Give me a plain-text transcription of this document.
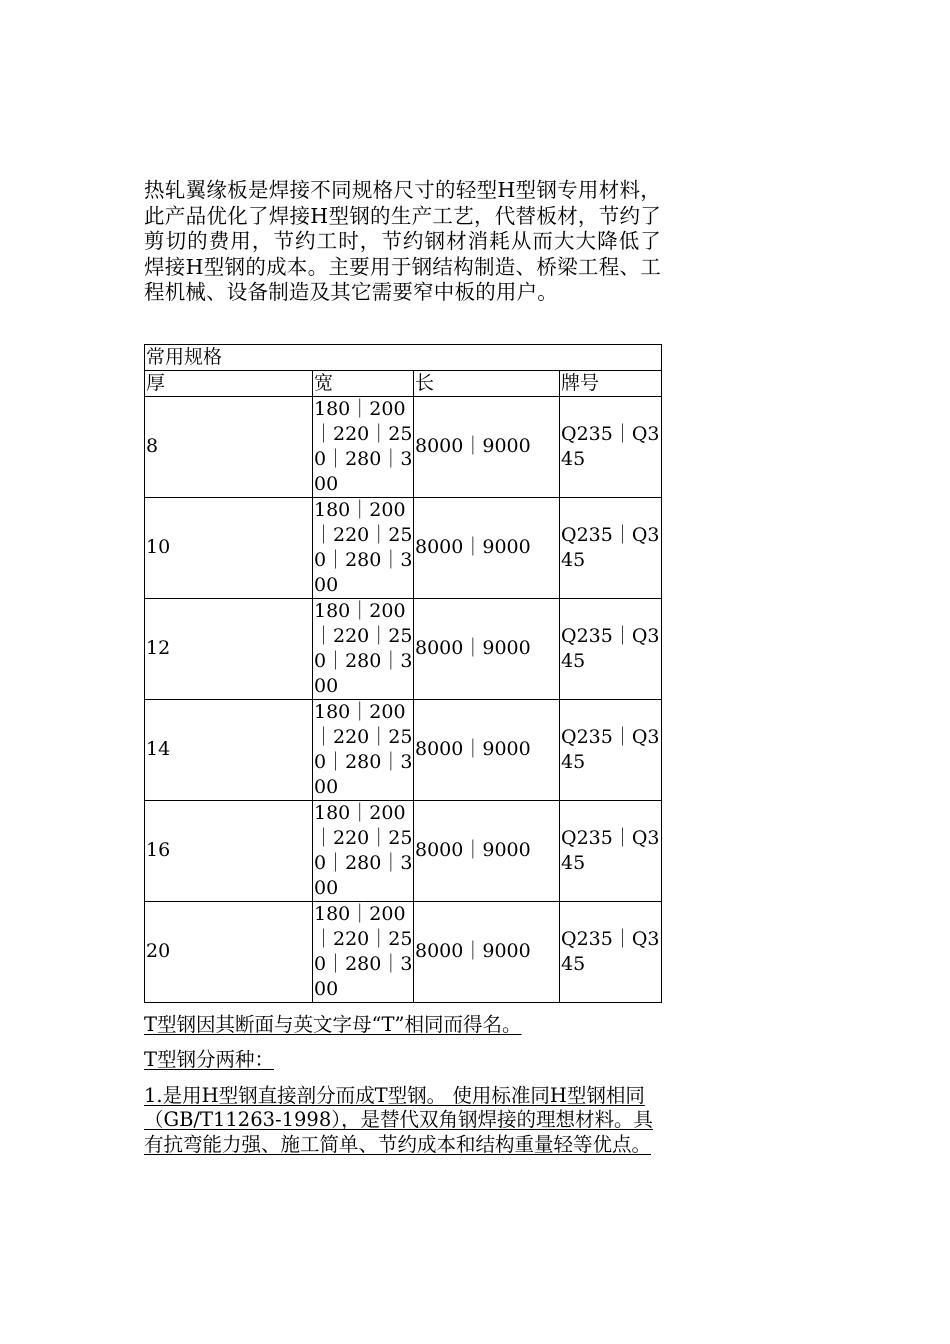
热轧翼缘板是焊接不同规格尺寸的轻型H型钢专用材料，此产品优化了焊接H型钢的生产工艺，代替板材，节约了剪切的费用，节约工时，节约钢材消耗从而大大降低了焊接H型钢的成本。主要用于钢结构制造、桥梁工程、工程机械、设备制造及其它需要窄中板的用户。

常用规格			
厚	宽	长	牌号
8	180｜200｜220｜250｜280｜300	8000｜9000	Q235｜Q345
10	180｜200｜220｜250｜280｜300	8000｜9000	Q235｜Q345
12	180｜200｜220｜250｜280｜300	8000｜9000	Q235｜Q345
14	180｜200｜220｜250｜280｜300	8000｜9000	Q235｜Q345
16	180｜200｜220｜250｜280｜300	8000｜9000	Q235｜Q345
20	180｜200｜220｜250｜280｜300	8000｜9000	Q235｜Q345

T型钢因其断面与英文字母“T”相同而得名。

T型钢分两种：

1.是用H型钢直接剖分而成T型钢。 使用标准同H型钢相同（GB/T11263-1998），是替代双角钢焊接的理想材料。具有抗弯能力强、施工简单、节约成本和结构重量轻等优点。
